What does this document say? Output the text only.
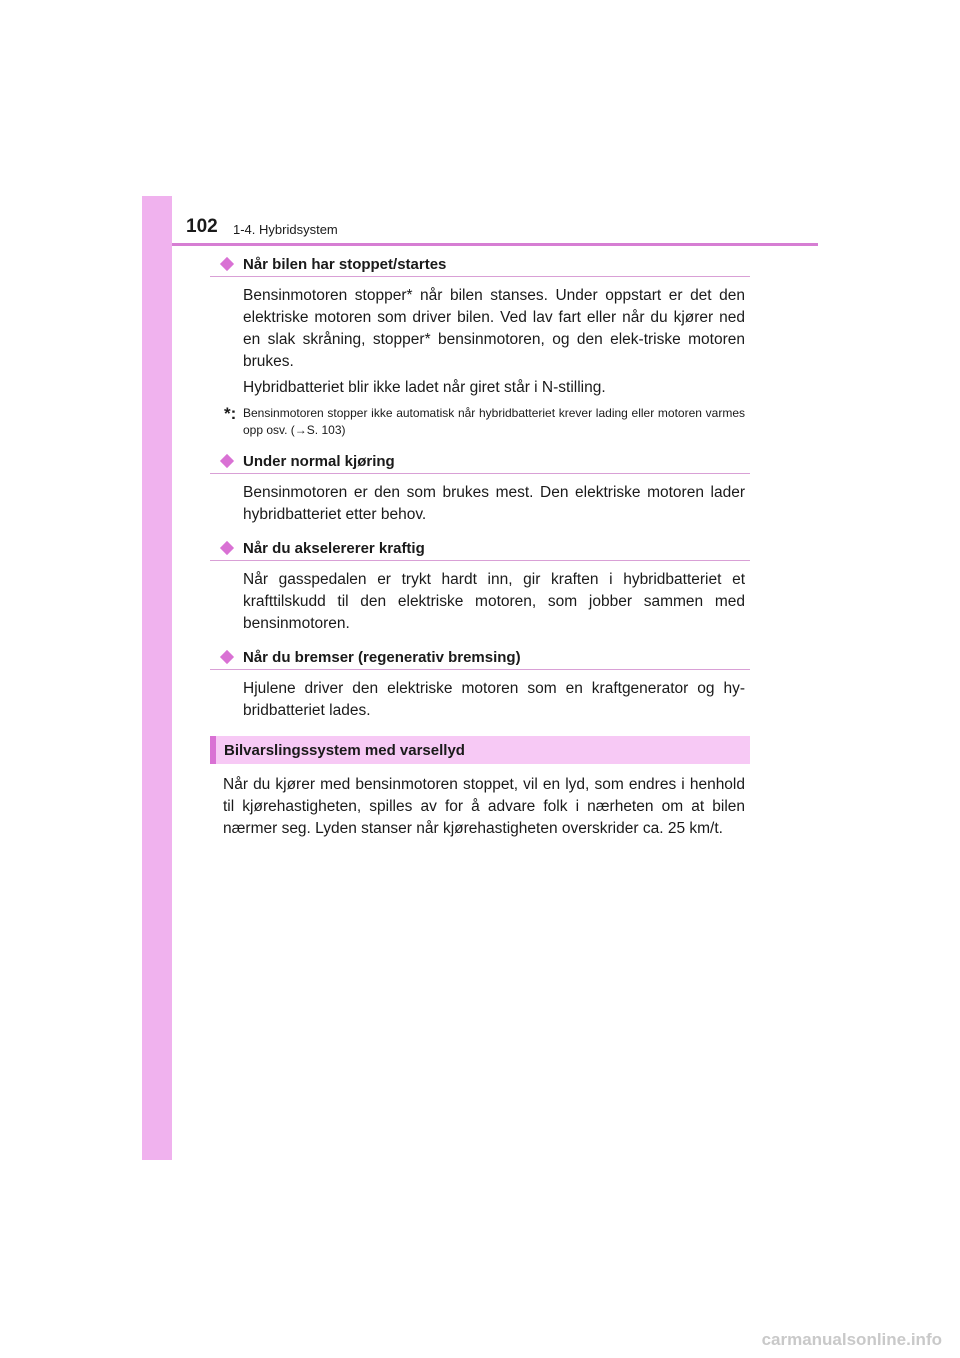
102 1-4. Hybridsystem
Når bilen har stoppet/startes

Bensinmotoren stopper* når bilen stanses. Under oppstart er det den elektriske motoren som driver bilen. Ved lav fart eller når du kjører ned en slak skråning, stopper* bensinmotoren, og den elek-triske motoren brukes.

Hybridbatteriet blir ikke ladet når giret står i N-stilling.

*: Bensinmotoren stopper ikke automatisk når hybridbatteriet krever lading eller motoren varmes opp osv. (→S. 103)
Under normal kjøring

Bensinmotoren er den som brukes mest. Den elektriske motoren lader hybridbatteriet etter behov.

Når du akselererer kraftig

Når gasspedalen er trykt hardt inn, gir kraften i hybridbatteriet et krafttilskudd til den elektriske motoren, som jobber sammen med bensinmotoren.

Når du bremser (regenerativ bremsing)

Hjulene driver den elektriske motoren som en kraftgenerator og hy-bridbatteriet lades.

Bilvarslingssystem med varsellyd

Når du kjører med bensinmotoren stoppet, vil en lyd, som endres i henhold til kjørehastigheten, spilles av for å advare folk i nærheten om at bilen nærmer seg. Lyden stanser når kjørehastigheten overskrider ca. 25 km/t.

carmanualsonline.info
